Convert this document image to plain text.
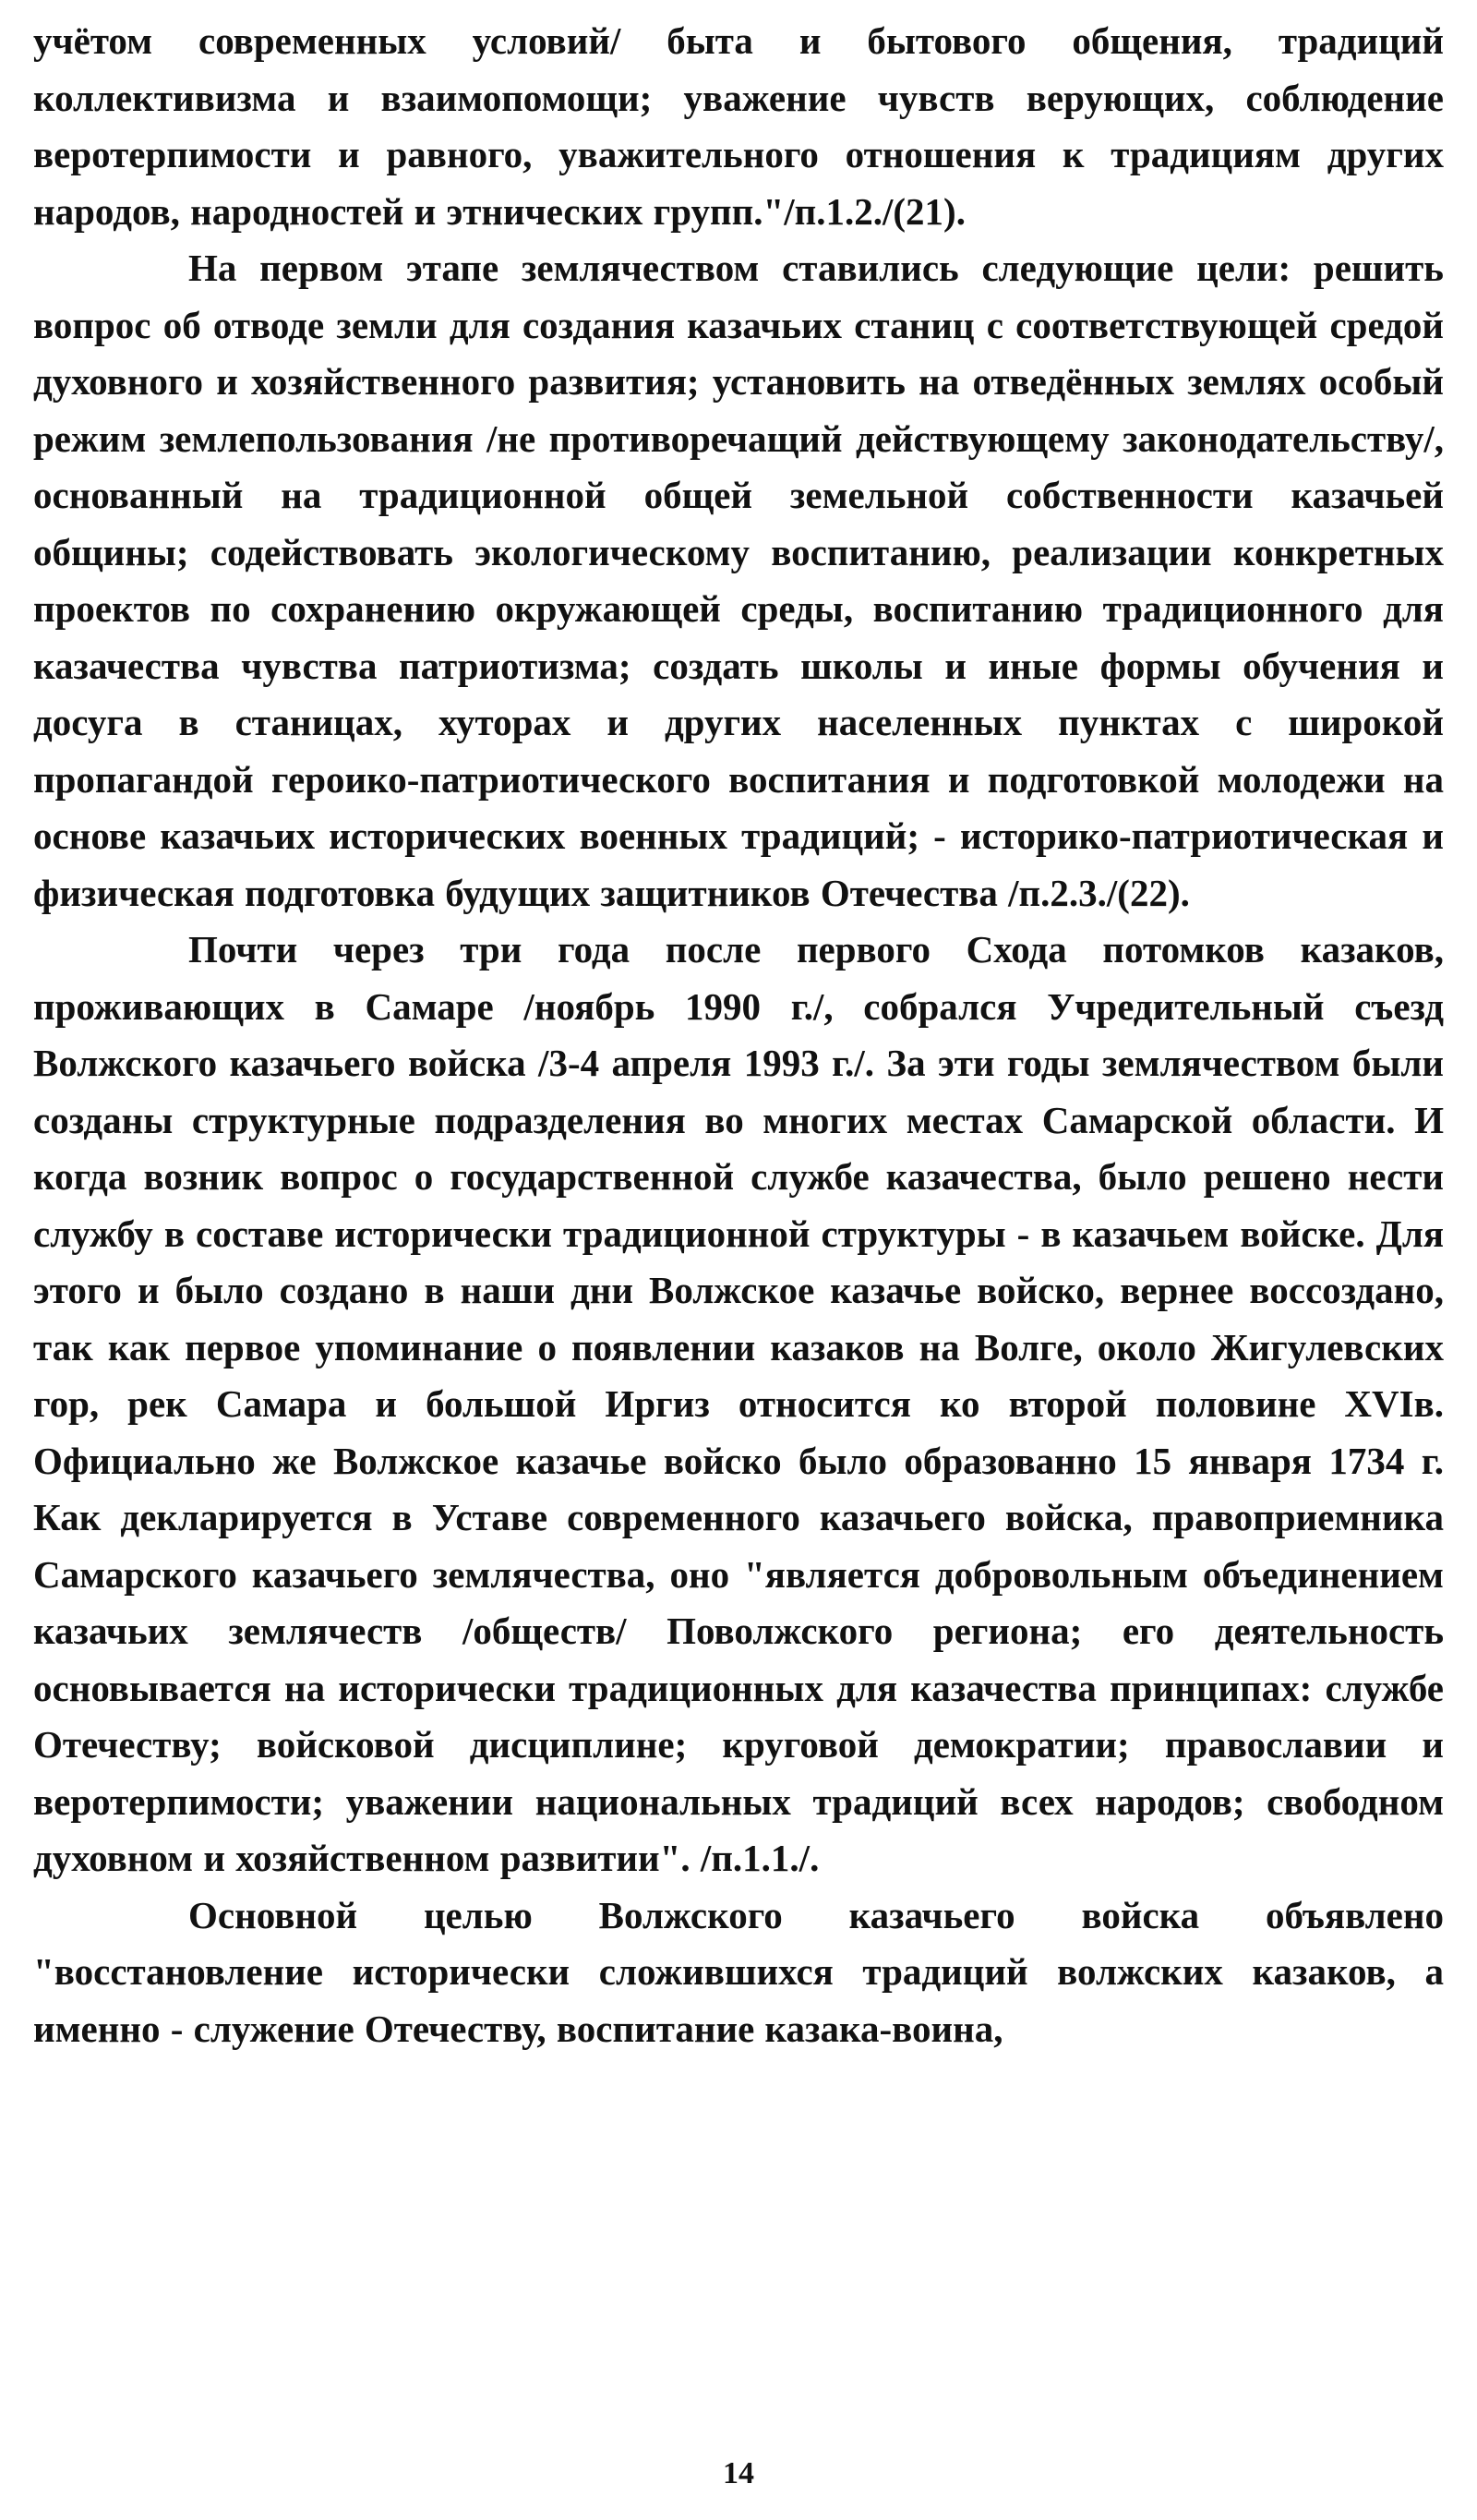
учётом современных условий/ быта и бытового общения, традиций коллективизма и взаимопомощи; уважение чувств верующих, соблюдение веротерпимости и равного, уважительного отношения к традициям других народов, народностей и этнических групп."/п.1.2./(21).

На первом этапе землячеством ставились следующие цели: решить вопрос об отводе земли для создания казачьих станиц с соответствующей средой духовного и хозяйственного развития; установить на отведённых землях особый режим землепользования /не противоречащий действующему законодательству/, основанный на традиционной общей земельной собственности казачьей общины; содействовать экологическому воспитанию, реализации конкретных проектов по сохранению окружающей среды, воспитанию традиционного для казачества чувства патриотизма; создать школы и иные формы обучения и досуга в станицах, хуторах и других населенных пунктах с широкой пропагандой героико-патриотического воспитания и подготовкой молодежи на основе казачьих исторических военных традиций; - историко-патриотическая и физическая подготовка будущих защитников Отечества /п.2.3./(22).

Почти через три года после первого Схода потомков казаков, проживающих в Самаре /ноябрь 1990 г./, собрался Учредительный съезд Волжского казачьего войска /3-4 апреля 1993 г./. За эти годы землячеством были созданы структурные подразделения во многих местах Самарской области. И когда возник вопрос о государственной службе казачества, было решено нести службу в составе исторически традиционной структуры - в казачьем войске. Для этого и было создано в наши дни Волжское казачье войско, вернее воссоздано, так как первое упоминание о появлении казаков на Волге, около Жигулевских гор, рек Самара и большой Иргиз относится ко второй половине XVIв. Официально же Волжское казачье войско было образованно 15 января 1734 г. Как декларируется в Уставе современного казачьего войска, правоприемника Самарского казачьего землячества, оно "является добровольным объединением казачьих землячеств /обществ/ Поволжского региона; его деятельность основывается на исторически традиционных для казачества принципах: службе Отечеству; войсковой дисциплине; круговой демократии; православии и веротерпимости; уважении национальных традиций всех народов; свободном духовном и хозяйственном развитии". /п.1.1./.

Основной целью Волжского казачьего войска объявлено "восстановление исторически сложившихся традиций волжских казаков, а именно - служение Отечеству, воспитание казака-воина,

14
